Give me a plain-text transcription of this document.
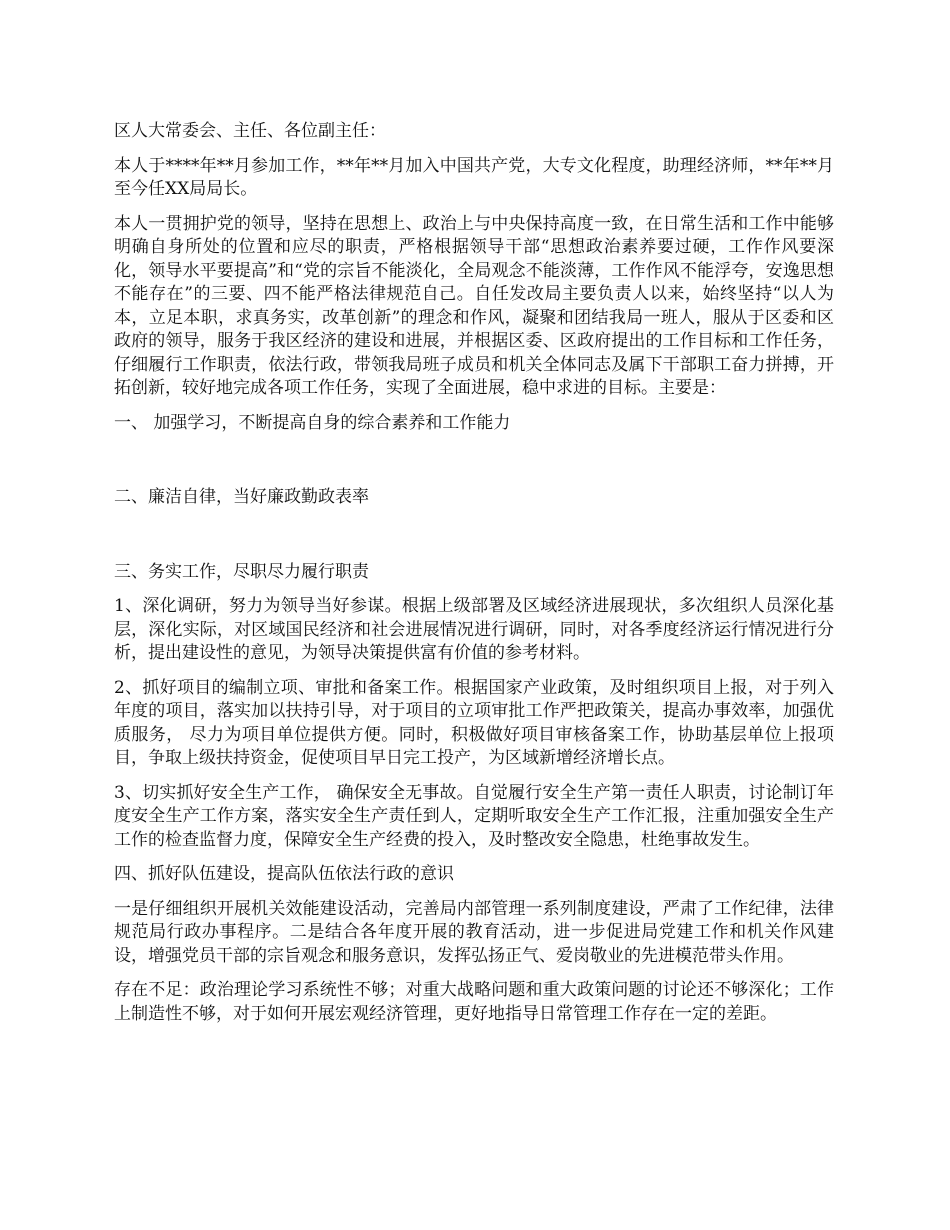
区人大常委会、主任、各位副主任：

本人于****年**月参加工作，**年**月加入中国共产党，大专文化程度，助理经济师，**年**月至今任XX局局长。

本人一贯拥护党的领导，坚持在思想上、政治上与中央保持高度一致，在日常生活和工作中能够明确自身所处的位置和应尽的职责，严格根据领导干部“思想政治素养要过硬，工作作风要深化，领导水平要提高”和“党的宗旨不能淡化，全局观念不能淡薄，工作作风不能浮夸，安逸思想不能存在”的三要、四不能严格法律规范自己。自任发改局主要负责人以来，始终坚持“以人为本，立足本职，求真务实，改革创新”的理念和作风，凝聚和团结我局一班人，服从于区委和区政府的领导，服务于我区经济的建设和进展，并根据区委、区政府提出的工作目标和工作任务，仔细履行工作职责，依法行政，带领我局班子成员和机关全体同志及属下干部职工奋力拼搏，开拓创新，较好地完成各项工作任务，实现了全面进展，稳中求进的目标。主要是：

一、 加强学习，不断提高自身的综合素养和工作能力

二、廉洁自律，当好廉政勤政表率

三、务实工作，尽职尽力履行职责

1、深化调研，努力为领导当好参谋。根据上级部署及区域经济进展现状，多次组织人员深化基层，深化实际，对区域国民经济和社会进展情况进行调研，同时，对各季度经济运行情况进行分析，提出建设性的意见，为领导决策提供富有价值的参考材料。

2、抓好项目的编制立项、审批和备案工作。根据国家产业政策，及时组织项目上报，对于列入年度的项目，落实加以扶持引导，对于项目的立项审批工作严把政策关，提高办事效率，加强优质服务， 尽力为项目单位提供方便。同时，积极做好项目审核备案工作，协助基层单位上报项目，争取上级扶持资金，促使项目早日完工投产，为区域新增经济增长点。

3、切实抓好安全生产工作， 确保安全无事故。自觉履行安全生产第一责任人职责，讨论制订年度安全生产工作方案，落实安全生产责任到人，定期听取安全生产工作汇报，注重加强安全生产工作的检查监督力度，保障安全生产经费的投入，及时整改安全隐患，杜绝事故发生。

四、抓好队伍建设，提高队伍依法行政的意识

一是仔细组织开展机关效能建设活动，完善局内部管理一系列制度建设，严肃了工作纪律，法律规范局行政办事程序。二是结合各年度开展的教育活动，进一步促进局党建工作和机关作风建设，增强党员干部的宗旨观念和服务意识，发挥弘扬正气、爱岗敬业的先进模范带头作用。

存在不足：政治理论学习系统性不够；对重大战略问题和重大政策问题的讨论还不够深化；工作上制造性不够，对于如何开展宏观经济管理，更好地指导日常管理工作存在一定的差距。
